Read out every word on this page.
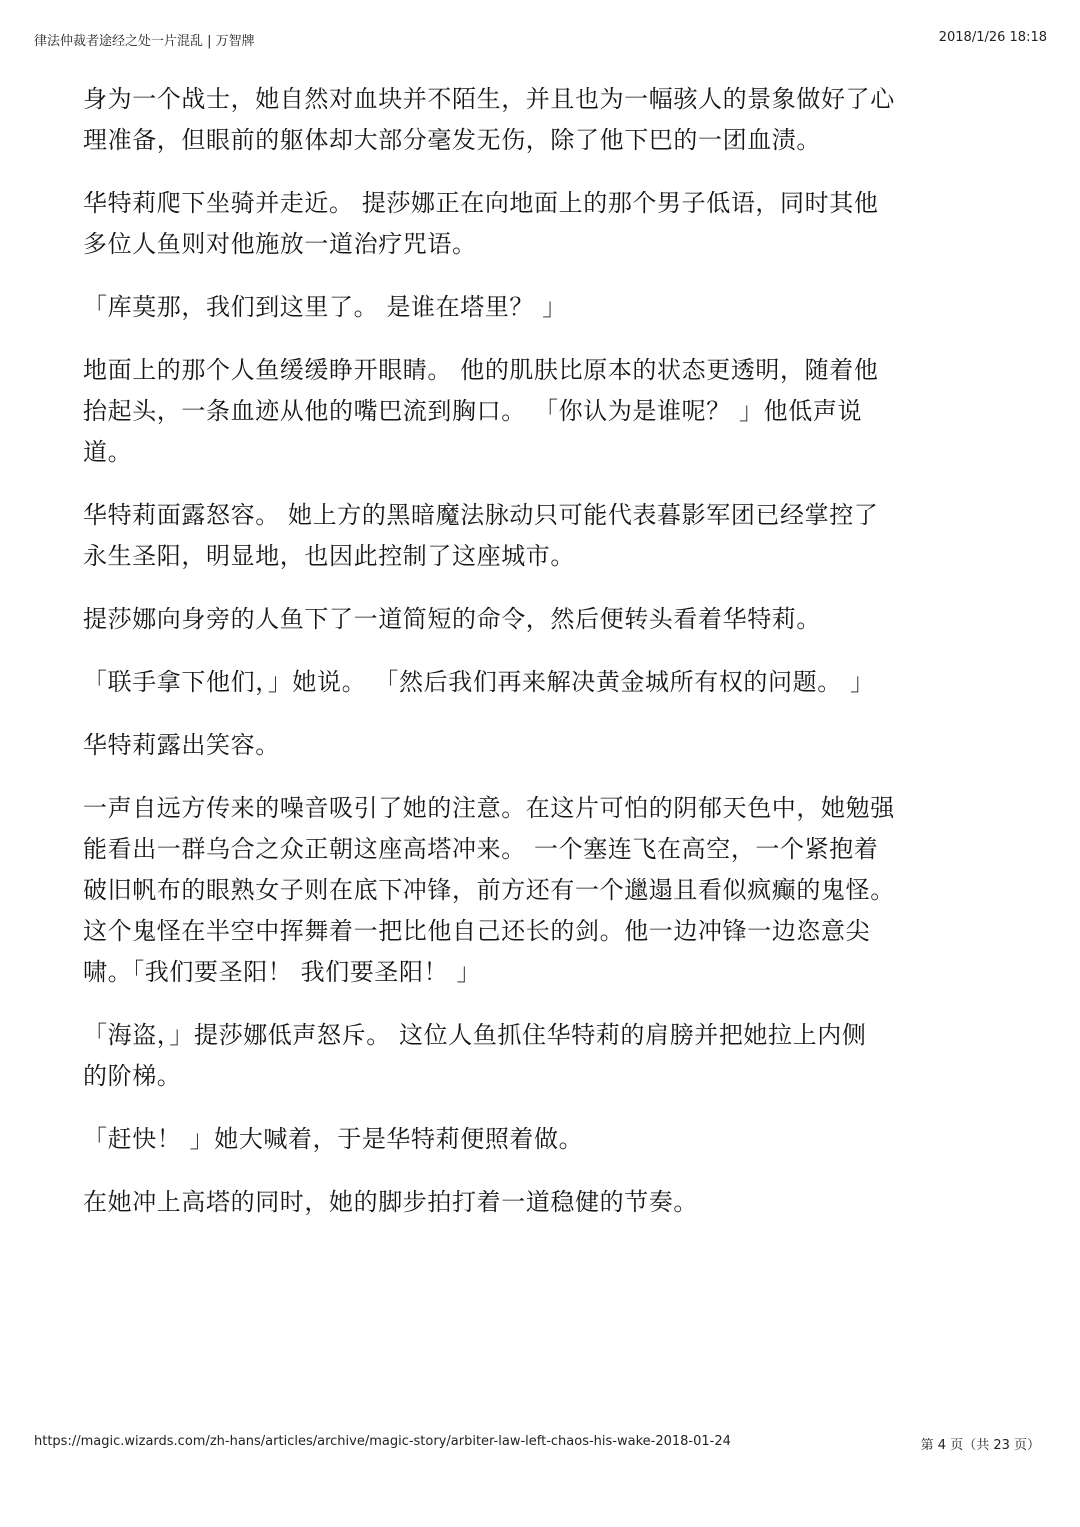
律法仲裁者途经之处一片混乱 | 万智牌	2018/1/26 18:18

身为一个战士，她自然对血块并不陌生，并且也为一幅骇人的景象做好了心
理准备，但眼前的躯体却大部分毫发无伤，除了他下巴的一团血渍。

华特莉爬下坐骑并走近。 提莎娜正在向地面上的那个男子低语，同时其他
多位人鱼则对他施放一道治疗咒语。

「库莫那，我们到这里了。 是谁在塔里？ 」

地面上的那个人鱼缓缓睁开眼睛。 他的肌肤比原本的状态更透明，随着他
抬起头，一条血迹从他的嘴巴流到胸口。 「你认为是谁呢？ 」他低声说
道。

华特莉面露怒容。 她上方的黑暗魔法脉动只可能代表暮影军团已经掌控了
永生圣阳，明显地，也因此控制了这座城市。

提莎娜向身旁的人鱼下了一道简短的命令，然后便转头看着华特莉。

「联手拿下他们，」她说。 「然后我们再来解决黄金城所有权的问题。 」

华特莉露出笑容。

一声自远方传来的噪音吸引了她的注意。在这片可怕的阴郁天色中，她勉强
能看出一群乌合之众正朝这座高塔冲来。 一个塞连飞在高空，一个紧抱着
破旧帆布的眼熟女子则在底下冲锋，前方还有一个邋遢且看似疯癫的鬼怪。
这个鬼怪在半空中挥舞着一把比他自己还长的剑。他一边冲锋一边恣意尖
啸。「我们要圣阳！ 我们要圣阳！ 」

「海盗，」提莎娜低声怒斥。 这位人鱼抓住华特莉的肩膀并把她拉上内侧
的阶梯。

「赶快！ 」她大喊着，于是华特莉便照着做。

在她冲上高塔的同时，她的脚步拍打着一道稳健的节奏。

https://magic.wizards.com/zh-hans/articles/archive/magic-story/arbiter-law-left-chaos-his-wake-2018-01-24	第 4 页（共 23 页）
